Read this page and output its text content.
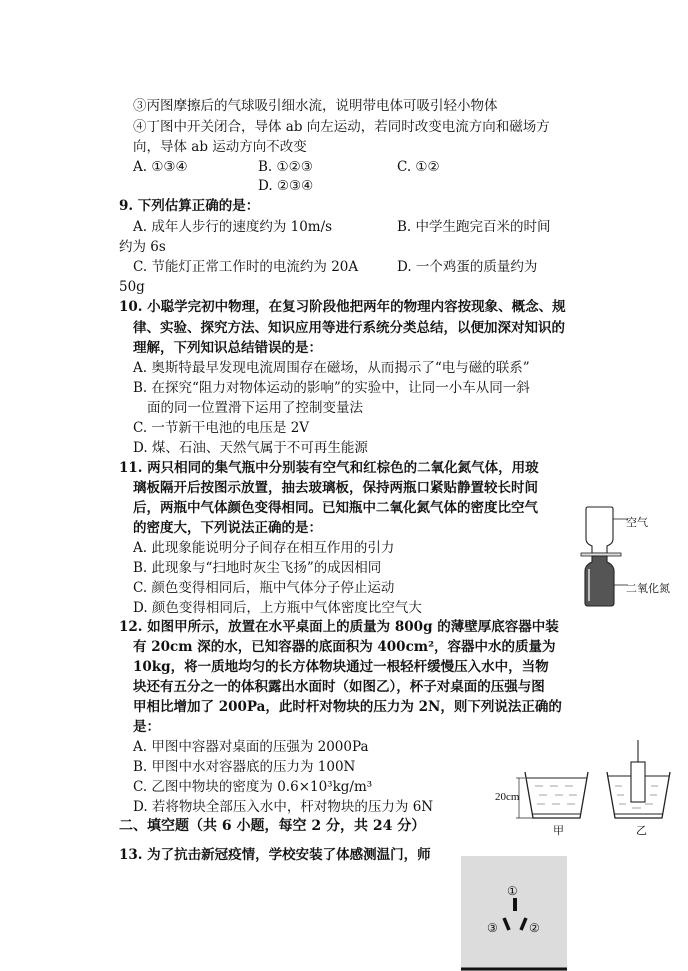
③丙图摩擦后的气球吸引细水流，说明带电体可吸引轻小物体
④丁图中开关闭合，导体 ab 向左运动，若同时改变电流方向和磁场方
向，导体 ab 运动方向不改变
A. ①③④	B. ①②③	C. ①②
D. ②③④
9. 下列估算正确的是：
A. 成年人步行的速度约为 10m/s	B. 中学生跑完百米的时间
约为 6s
C. 节能灯正常工作时的电流约为 20A	D. 一个鸡蛋的质量约为
50g
10. 小聪学完初中物理，在复习阶段他把两年的物理内容按现象、概念、规
律、实验、探究方法、知识应用等进行系统分类总结，以便加深对知识的
理解，下列知识总结错误的是：
A. 奥斯特最早发现电流周围存在磁场，从而揭示了“电与磁的联系”
B. 在探究“阻力对物体运动的影响”的实验中，让同一小车从同一斜
面的同一位置滑下运用了控制变量法
C. 一节新干电池的电压是 2V
D. 煤、石油、天然气属于不可再生能源
11. 两只相同的集气瓶中分别装有空气和红棕色的二氧化氮气体，用玻
璃板隔开后按图示放置，抽去玻璃板，保持两瓶口紧贴静置较长时间
后，两瓶中气体颜色变得相同。已知瓶中二氧化氮气体的密度比空气
的密度大，下列说法正确的是：
A. 此现象能说明分子间存在相互作用的引力
B. 此现象与“扫地时灰尘飞扬”的成因相同
C. 颜色变得相同后，瓶中气体分子停止运动
D. 颜色变得相同后，上方瓶中气体密度比空气大
空气
二氧化氮
12. 如图甲所示，放置在水平桌面上的质量为 800g 的薄壁厚底容器中装
有 20cm 深的水，已知容器的底面积为 400cm²，容器中水的质量为
10kg，将一质地均匀的长方体物块通过一根轻杆缓慢压入水中，当物
块还有五分之一的体积露出水面时（如图乙），杯子对桌面的压强与图
甲相比增加了 200Pa，此时杆对物块的压力为 2N，则下列说法正确的
是：
A. 甲图中容器对桌面的压强为 2000Pa
B. 甲图中水对容器底的压力为 100N
C. 乙图中物块的密度为 0.6×10³kg/m³
D. 若将物块全部压入水中，杆对物块的压力为 6N
20cm
甲	乙
二、填空题（共 6 小题，每空 2 分，共 24 分）
13. 为了抗击新冠疫情，学校安装了体感测温门，师
①
③	②
